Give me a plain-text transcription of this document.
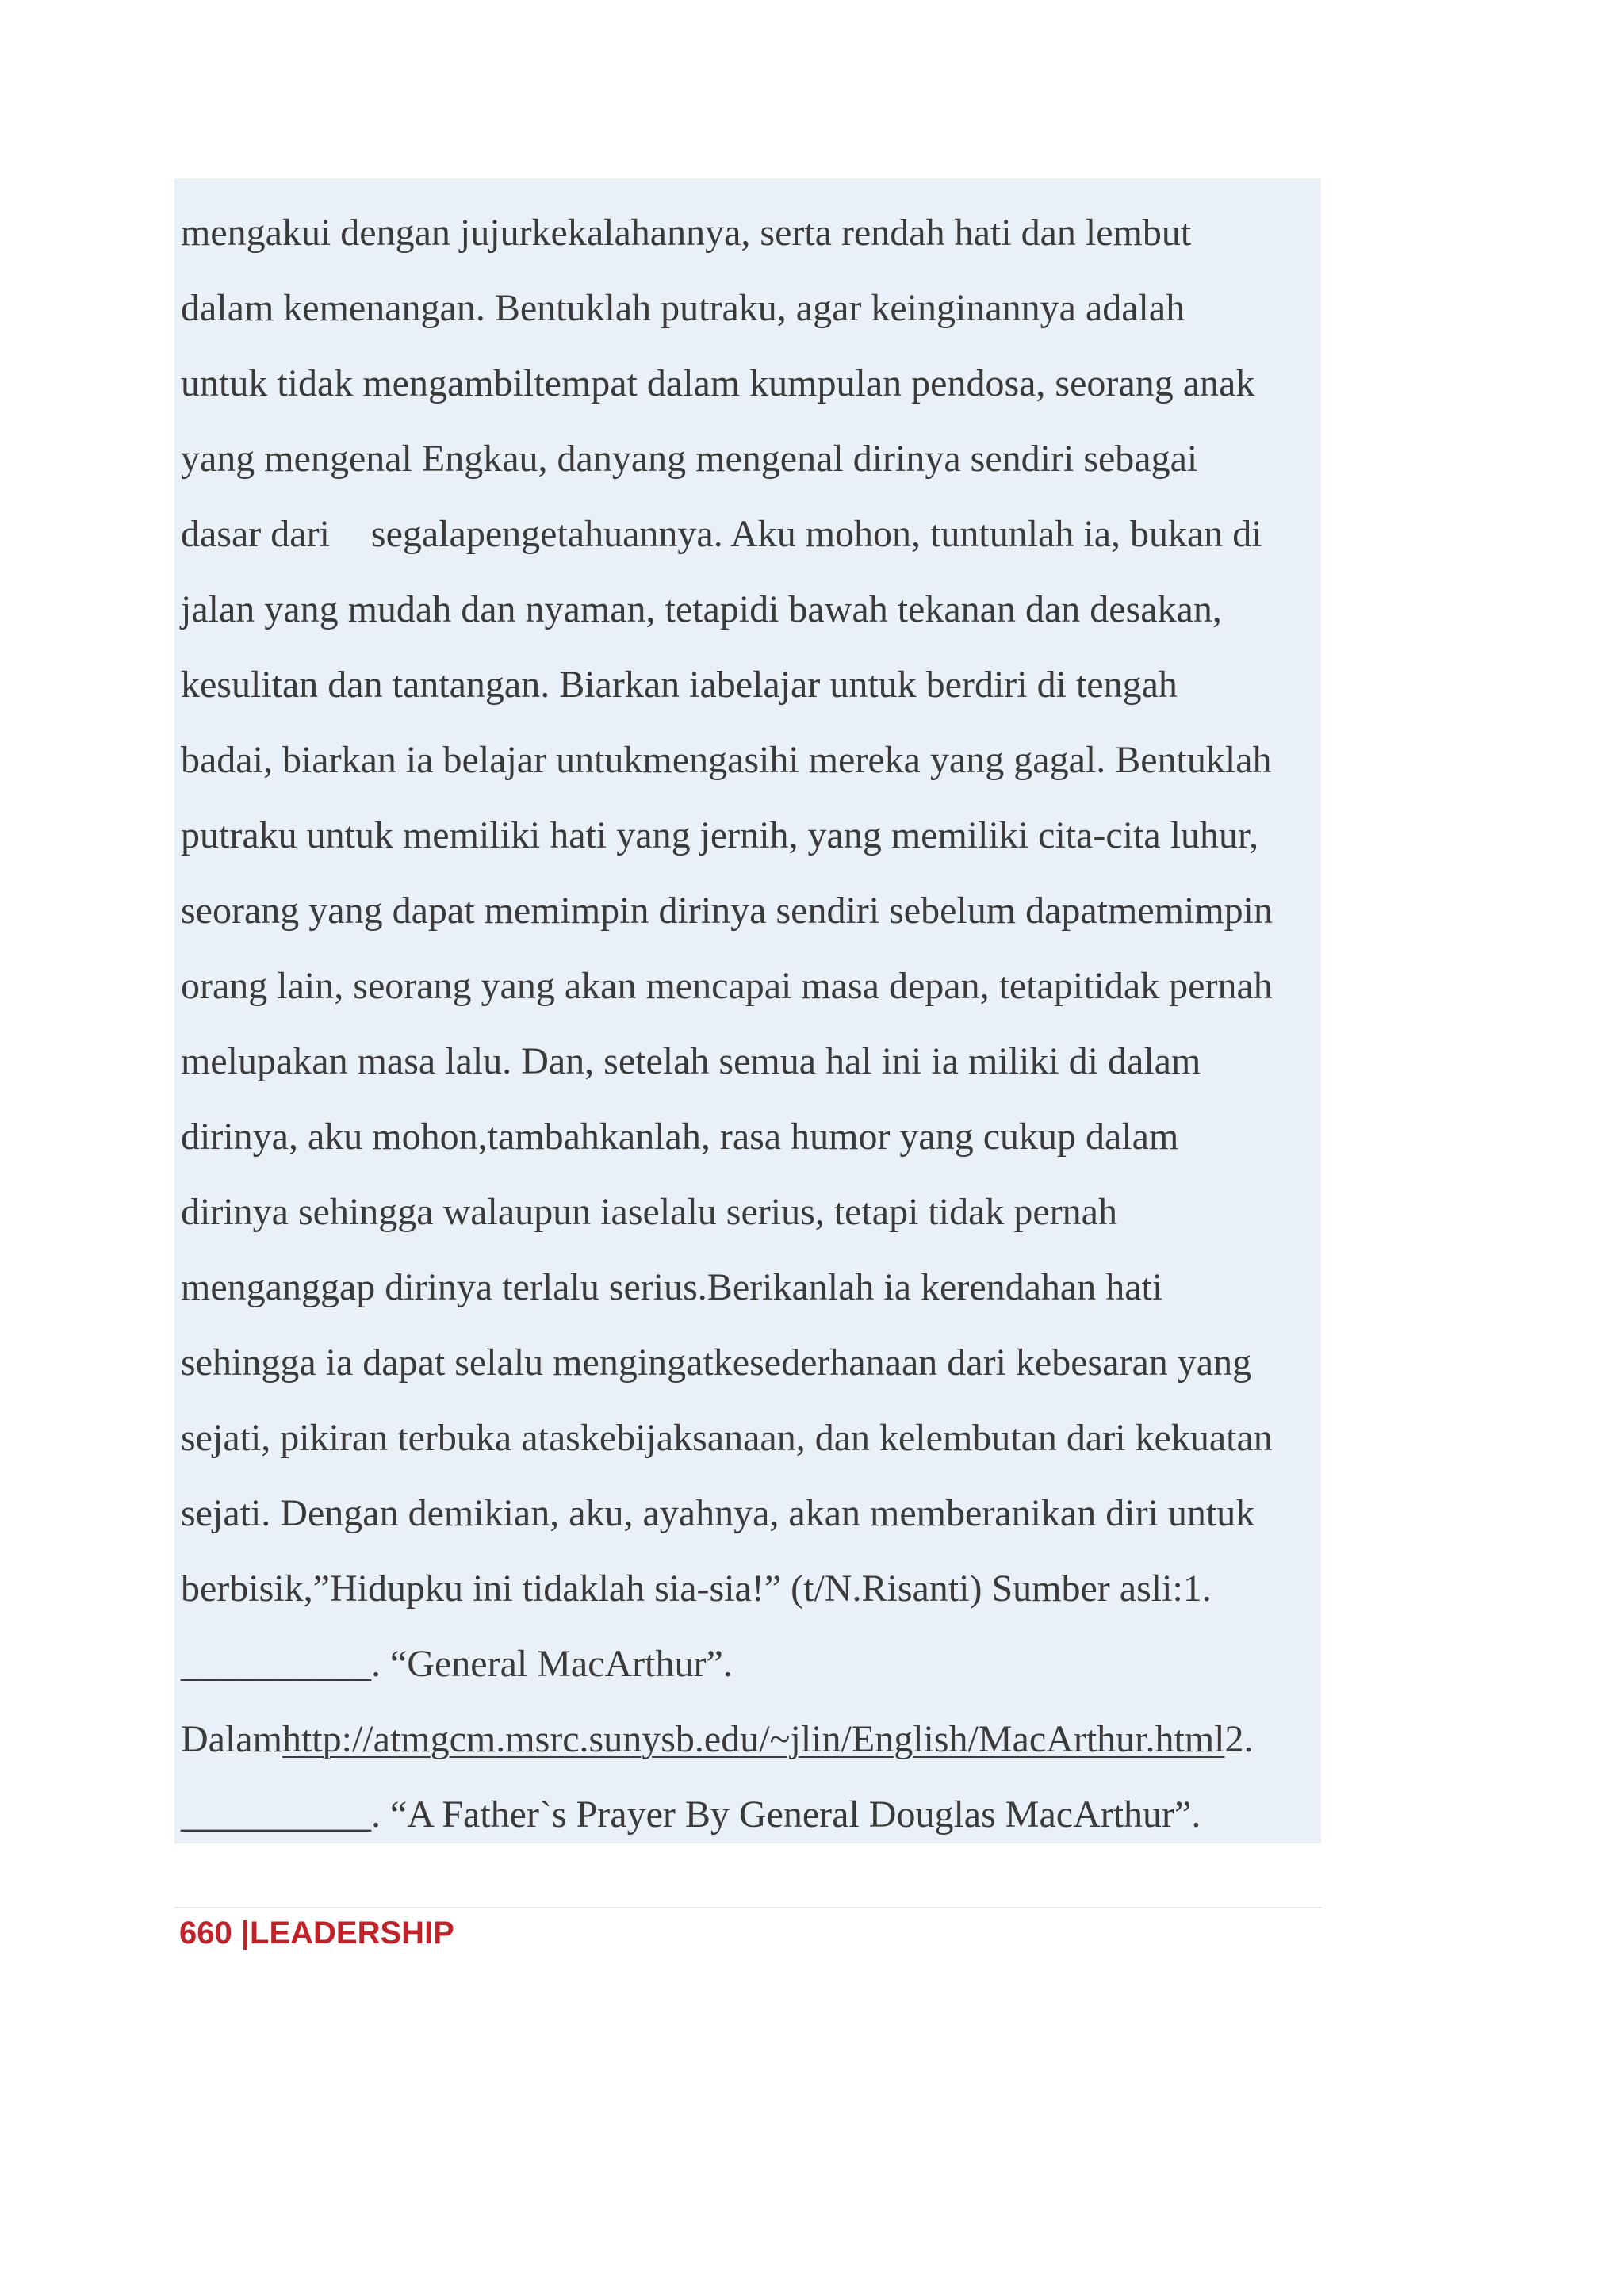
mengakui dengan jujurkekalahannya, serta rendah hati dan lembut
dalam kemenangan. Bentuklah putraku, agar keinginannya adalah
untuk tidak mengambiltempat dalam kumpulan pendosa, seorang anak
yang mengenal Engkau, danyang mengenal dirinya sendiri sebagai
dasar dari segalapengetahuannya. Aku mohon, tuntunlah ia, bukan di
jalan yang mudah dan nyaman, tetapidi bawah tekanan dan desakan,
kesulitan dan tantangan. Biarkan iabelajar untuk berdiri di tengah
badai, biarkan ia belajar untukmengasihi mereka yang gagal. Bentuklah
putraku untuk memiliki hati yang jernih, yang memiliki cita-cita luhur,
seorang yang dapat memimpin dirinya sendiri sebelum dapatmemimpin
orang lain, seorang yang akan mencapai masa depan, tetapitidak pernah
melupakan masa lalu. Dan, setelah semua hal ini ia miliki di dalam
dirinya, aku mohon,tambahkanlah, rasa humor yang cukup dalam
dirinya sehingga walaupun iaselalu serius, tetapi tidak pernah
menganggap dirinya terlalu serius.Berikanlah ia kerendahan hati
sehingga ia dapat selalu mengingatkesederhanaan dari kebesaran yang
sejati, pikiran terbuka ataskebijaksanaan, dan kelembutan dari kekuatan
sejati. Dengan demikian, aku, ayahnya, akan memberanikan diri untuk
berbisik,”Hidupku ini tidaklah sia-sia!” (t/N.Risanti) Sumber asli:1.
__________. “General MacArthur”.
Dalamhttp://atmgcm.msrc.sunysb.edu/~jlin/English/MacArthur.html2.
__________. “A Father`s Prayer By General Douglas MacArthur”.
660 |LEADERSHIP
